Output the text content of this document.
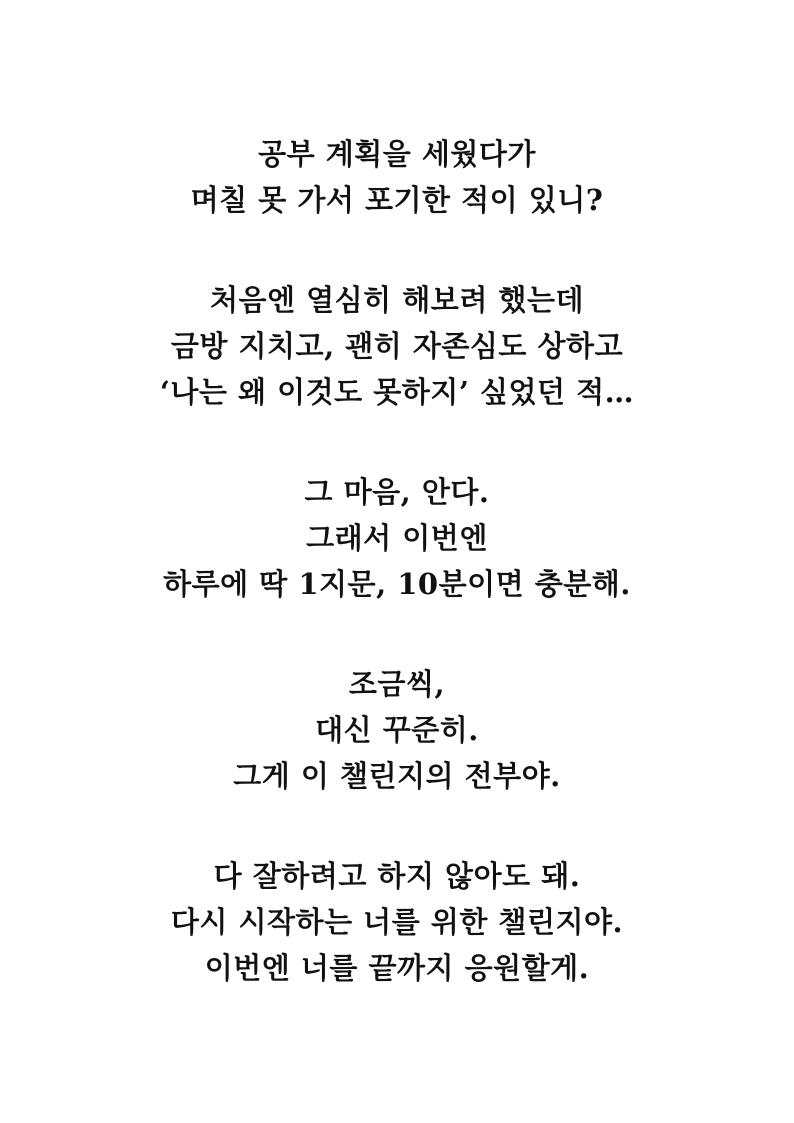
공부 계획을 세웠다가
며칠 못 가서 포기한 적이 있니?
처음엔 열심히 해보려 했는데
금방 지치고, 괜히 자존심도 상하고
‘나는 왜 이것도 못하지’ 싶었던 적…
그 마음, 안다.
그래서 이번엔
하루에 딱 1지문, 10분이면 충분해.
조금씩,
대신 꾸준히.
그게 이 챌린지의 전부야.
다 잘하려고 하지 않아도 돼.
다시 시작하는 너를 위한 챌린지야.
이번엔 너를 끝까지 응원할게.
